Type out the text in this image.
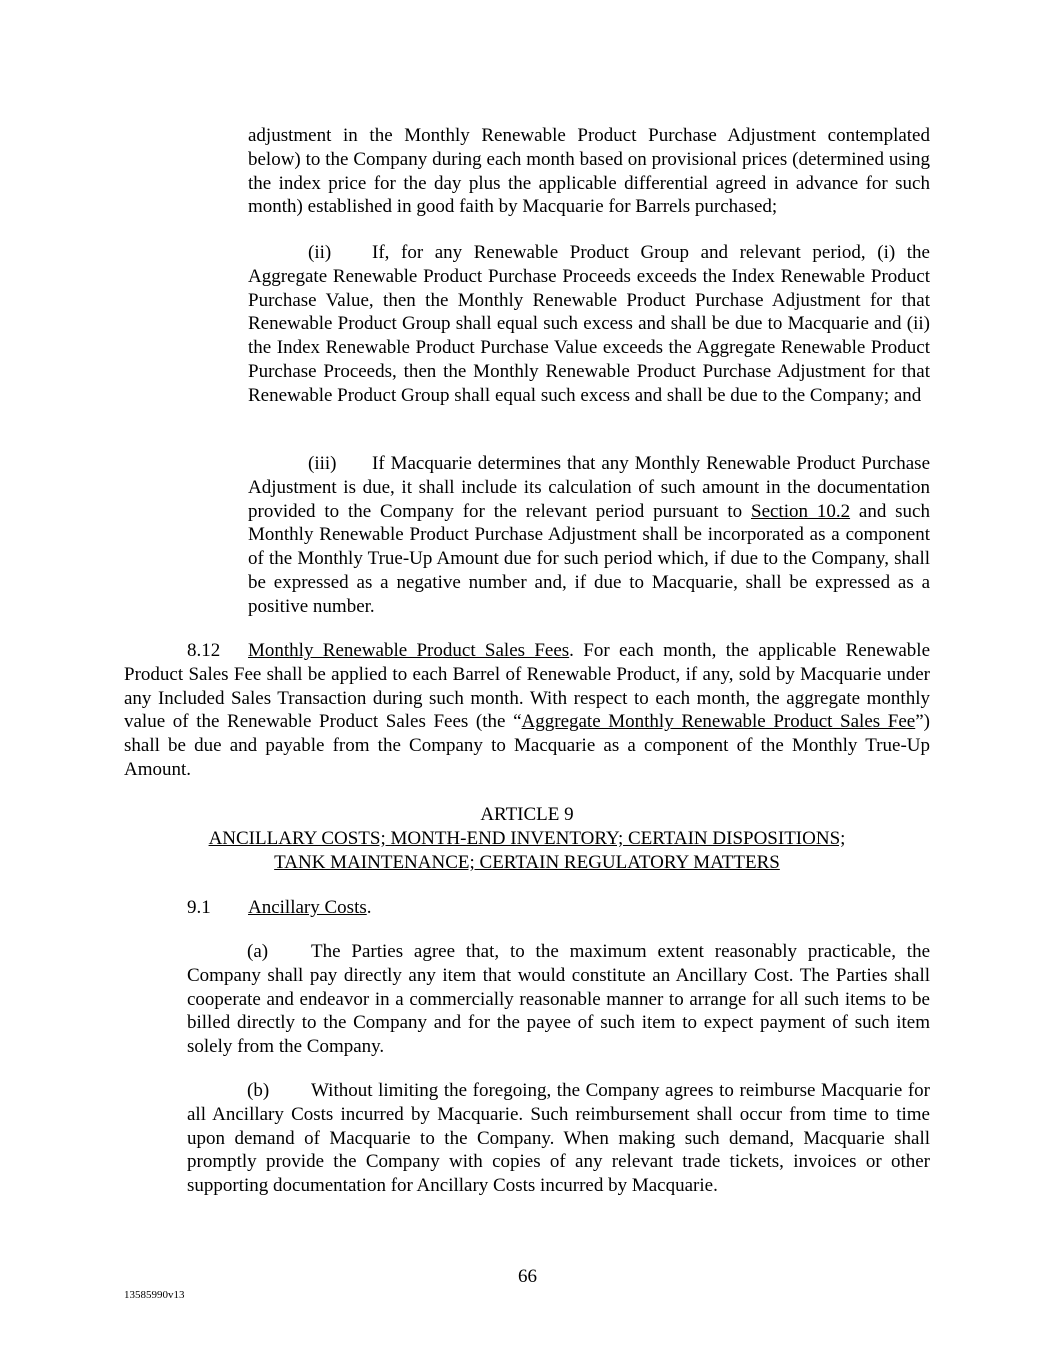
adjustment in the Monthly Renewable Product Purchase Adjustment contemplated below) to the Company during each month based on provisional prices (determined using the index price for the day plus the applicable differential agreed in advance for such month) established in good faith by Macquarie for Barrels purchased;

(ii) If, for any Renewable Product Group and relevant period, (i) the Aggregate Renewable Product Purchase Proceeds exceeds the Index Renewable Product Purchase Value, then the Monthly Renewable Product Purchase Adjustment for that Renewable Product Group shall equal such excess and shall be due to Macquarie and (ii) the Index Renewable Product Purchase Value exceeds the Aggregate Renewable Product Purchase Proceeds, then the Monthly Renewable Product Purchase Adjustment for that Renewable Product Group shall equal such excess and shall be due to the Company; and

(iii) If Macquarie determines that any Monthly Renewable Product Purchase Adjustment is due, it shall include its calculation of such amount in the documentation provided to the Company for the relevant period pursuant to Section 10.2 and such Monthly Renewable Product Purchase Adjustment shall be incorporated as a component of the Monthly True-Up Amount due for such period which, if due to the Company, shall be expressed as a negative number and, if due to Macquarie, shall be expressed as a positive number.

8.12 Monthly Renewable Product Sales Fees. For each month, the applicable Renewable Product Sales Fee shall be applied to each Barrel of Renewable Product, if any, sold by Macquarie under any Included Sales Transaction during such month. With respect to each month, the aggregate monthly value of the Renewable Product Sales Fees (the “Aggregate Monthly Renewable Product Sales Fee”) shall be due and payable from the Company to Macquarie as a component of the Monthly True-Up Amount.

ARTICLE 9

ANCILLARY COSTS; MONTH-END INVENTORY; CERTAIN DISPOSITIONS;

TANK MAINTENANCE; CERTAIN REGULATORY MATTERS

9.1 Ancillary Costs.

(a) The Parties agree that, to the maximum extent reasonably practicable, the Company shall pay directly any item that would constitute an Ancillary Cost. The Parties shall cooperate and endeavor in a commercially reasonable manner to arrange for all such items to be billed directly to the Company and for the payee of such item to expect payment of such item solely from the Company.

(b) Without limiting the foregoing, the Company agrees to reimburse Macquarie for all Ancillary Costs incurred by Macquarie. Such reimbursement shall occur from time to time upon demand of Macquarie to the Company. When making such demand, Macquarie shall promptly provide the Company with copies of any relevant trade tickets, invoices or other supporting documentation for Ancillary Costs incurred by Macquarie.

66
13585990v13
